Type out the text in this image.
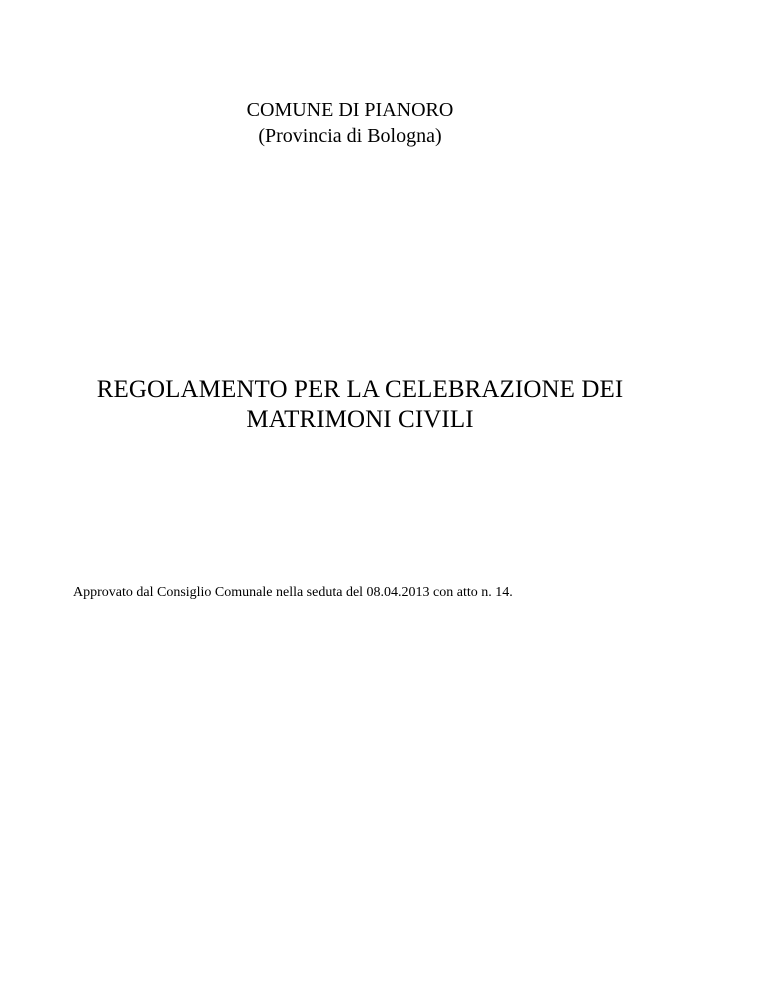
COMUNE DI PIANORO
(Provincia di Bologna)
REGOLAMENTO PER LA CELEBRAZIONE DEI
MATRIMONI CIVILI
Approvato dal Consiglio Comunale nella seduta del 08.04.2013 con atto n. 14.
